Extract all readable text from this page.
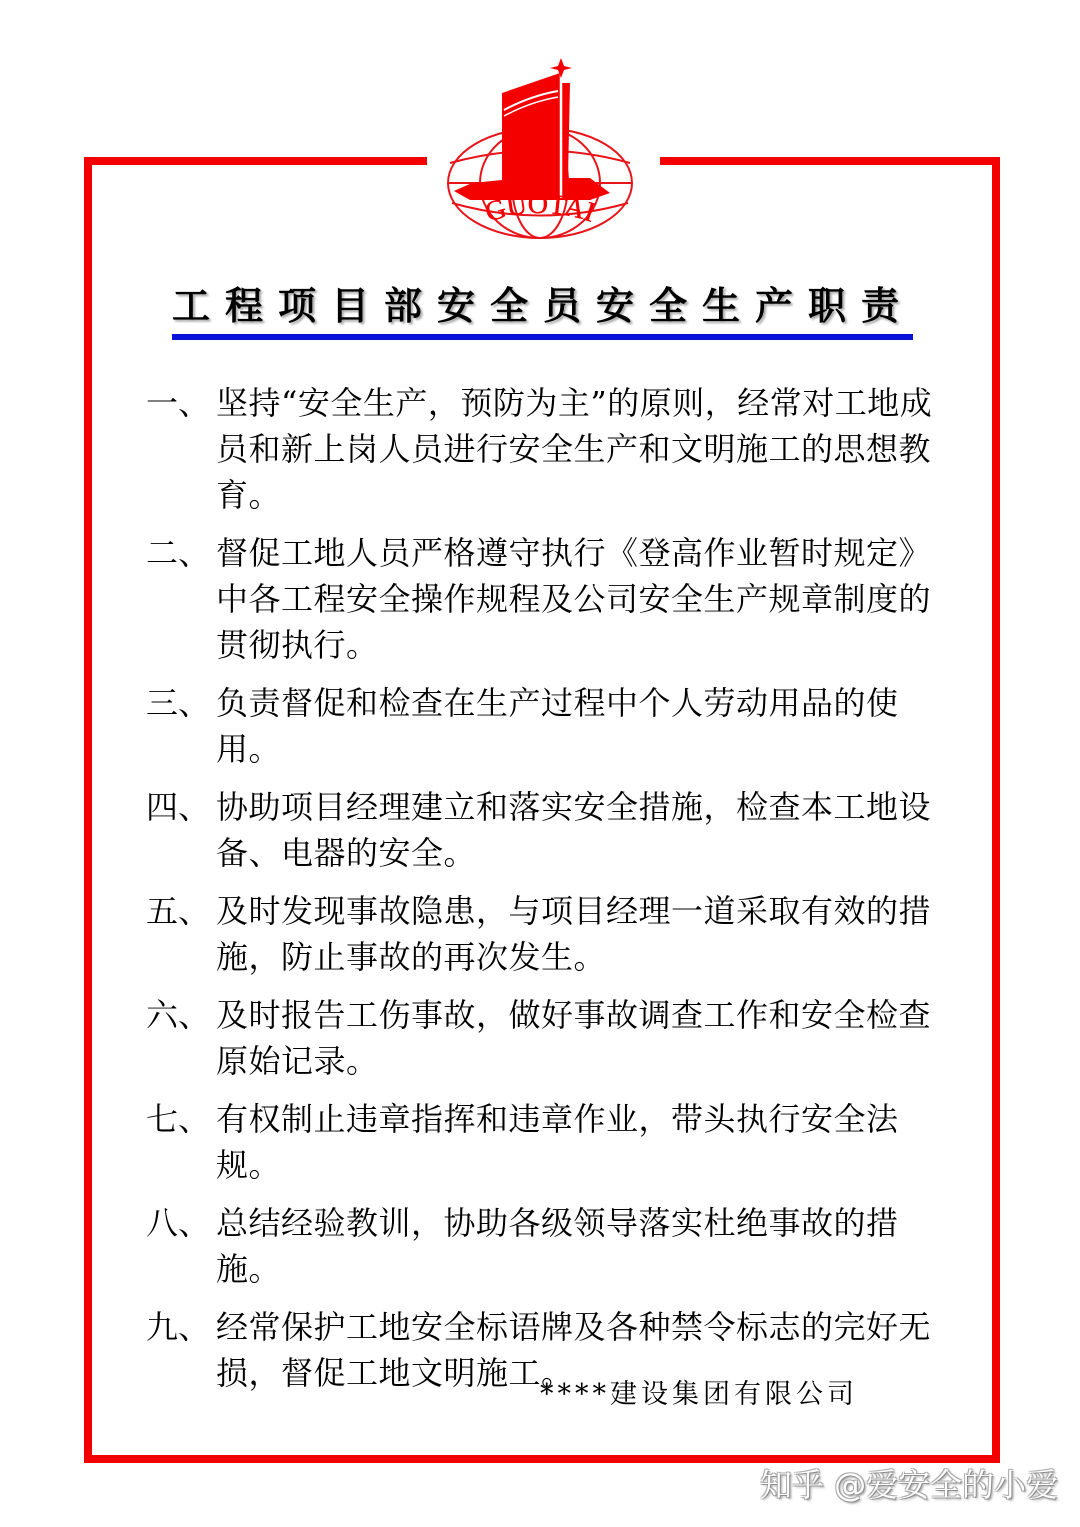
GUOTAI
工程项目部安全员安全生产职责
一、 坚持“安全生产，预防为主”的原则，经常对工地成员和新上岗人员进行安全生产和文明施工的思想教育。
二、 督促工地人员严格遵守执行《登高作业暂时规定》中各工程安全操作规程及公司安全生产规章制度的贯彻执行。
三、 负责督促和检查在生产过程中个人劳动用品的使用。
四、 协助项目经理建立和落实安全措施，检查本工地设备、电器的安全。
五、 及时发现事故隐患，与项目经理一道采取有效的措施，防止事故的再次发生。
六、 及时报告工伤事故，做好事故调查工作和安全检查原始记录。
七、 有权制止违章指挥和违章作业，带头执行安全法规。
八、 总结经验教训，协助各级领导落实杜绝事故的措施。
九、 经常保护工地安全标语牌及各种禁令标志的完好无损，督促工地文明施工。
****建设集团有限公司
知乎 @爱安全的小爱
